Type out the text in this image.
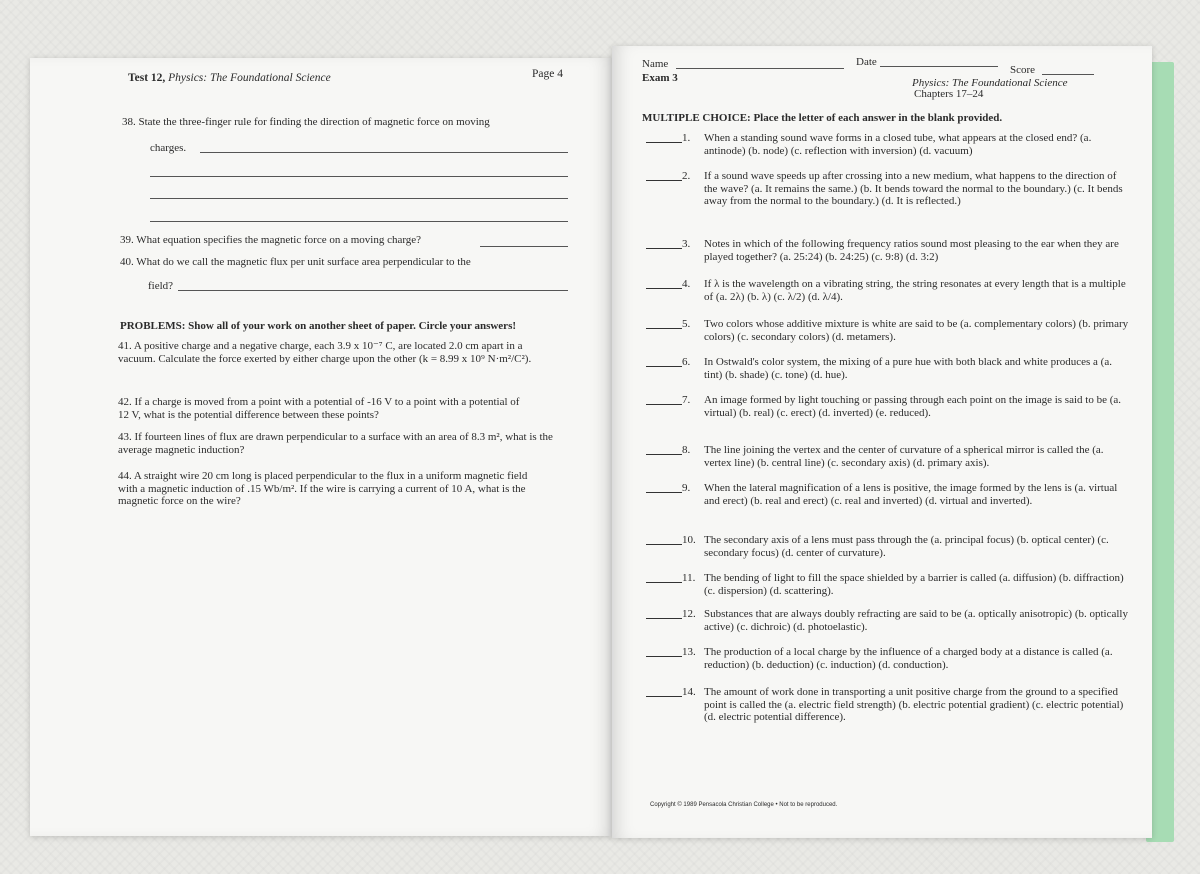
Test 12, Physics: The Foundational Science	Page 4
38. State the three-finger rule for finding the direction of magnetic force on moving
charges.
39. What equation specifies the magnetic force on a moving charge?
40. What do we call the magnetic flux per unit surface area perpendicular to the
field?
PROBLEMS: Show all of your work on another sheet of paper. Circle your answers!
41. A positive charge and a negative charge, each 3.9 x 10⁻⁷ C, are located 2.0 cm apart in a vacuum. Calculate the force exerted by either charge upon the other (k = 8.99 x 10⁹ N·m²/C²).
42. If a charge is moved from a point with a potential of -16 V to a point with a potential of 12 V, what is the potential difference between these points?
43. If fourteen lines of flux are drawn perpendicular to a surface with an area of 8.3 m², what is the average magnetic induction?
44. A straight wire 20 cm long is placed perpendicular to the flux in a uniform magnetic field with a magnetic induction of .15 Wb/m². If the wire is carrying a current of 10 A, what is the magnetic force on the wire?
Name	Date
Score
Exam 3	Physics: The Foundational Science
Chapters 17–24
MULTIPLE CHOICE: Place the letter of each answer in the blank provided.
1. When a standing sound wave forms in a closed tube, what appears at the closed end? (a. antinode) (b. node) (c. reflection with inversion) (d. vacuum)
2. If a sound wave speeds up after crossing into a new medium, what happens to the direction of the wave? (a. It remains the same.) (b. It bends toward the normal to the boundary.) (c. It bends away from the normal to the boundary.) (d. It is reflected.)
3. Notes in which of the following frequency ratios sound most pleasing to the ear when they are played together? (a. 25:24) (b. 24:25) (c. 9:8) (d. 3:2)
4. If λ is the wavelength on a vibrating string, the string resonates at every length that is a multiple of (a. 2λ) (b. λ) (c. λ/2) (d. λ/4).
5. Two colors whose additive mixture is white are said to be (a. complementary colors) (b. primary colors) (c. secondary colors) (d. metamers).
6. In Ostwald's color system, the mixing of a pure hue with both black and white produces a (a. tint) (b. shade) (c. tone) (d. hue).
7. An image formed by light touching or passing through each point on the image is said to be (a. virtual) (b. real) (c. erect) (d. inverted) (e. reduced).
8. The line joining the vertex and the center of curvature of a spherical mirror is called the (a. vertex line) (b. central line) (c. secondary axis) (d. primary axis).
9. When the lateral magnification of a lens is positive, the image formed by the lens is (a. virtual and erect) (b. real and erect) (c. real and inverted) (d. virtual and inverted).
10. The secondary axis of a lens must pass through the (a. principal focus) (b. optical center) (c. secondary focus) (d. center of curvature).
11. The bending of light to fill the space shielded by a barrier is called (a. diffusion) (b. diffraction) (c. dispersion) (d. scattering).
12. Substances that are always doubly refracting are said to be (a. optically anisotropic) (b. optically active) (c. dichroic) (d. photoelastic).
13. The production of a local charge by the influence of a charged body at a distance is called (a. reduction) (b. deduction) (c. induction) (d. conduction).
14. The amount of work done in transporting a unit positive charge from the ground to a specified point is called the (a. electric field strength) (b. electric potential gradient) (c. electric potential) (d. electric potential difference).
Copyright © 1989 Pensacola Christian College • Not to be reproduced.
